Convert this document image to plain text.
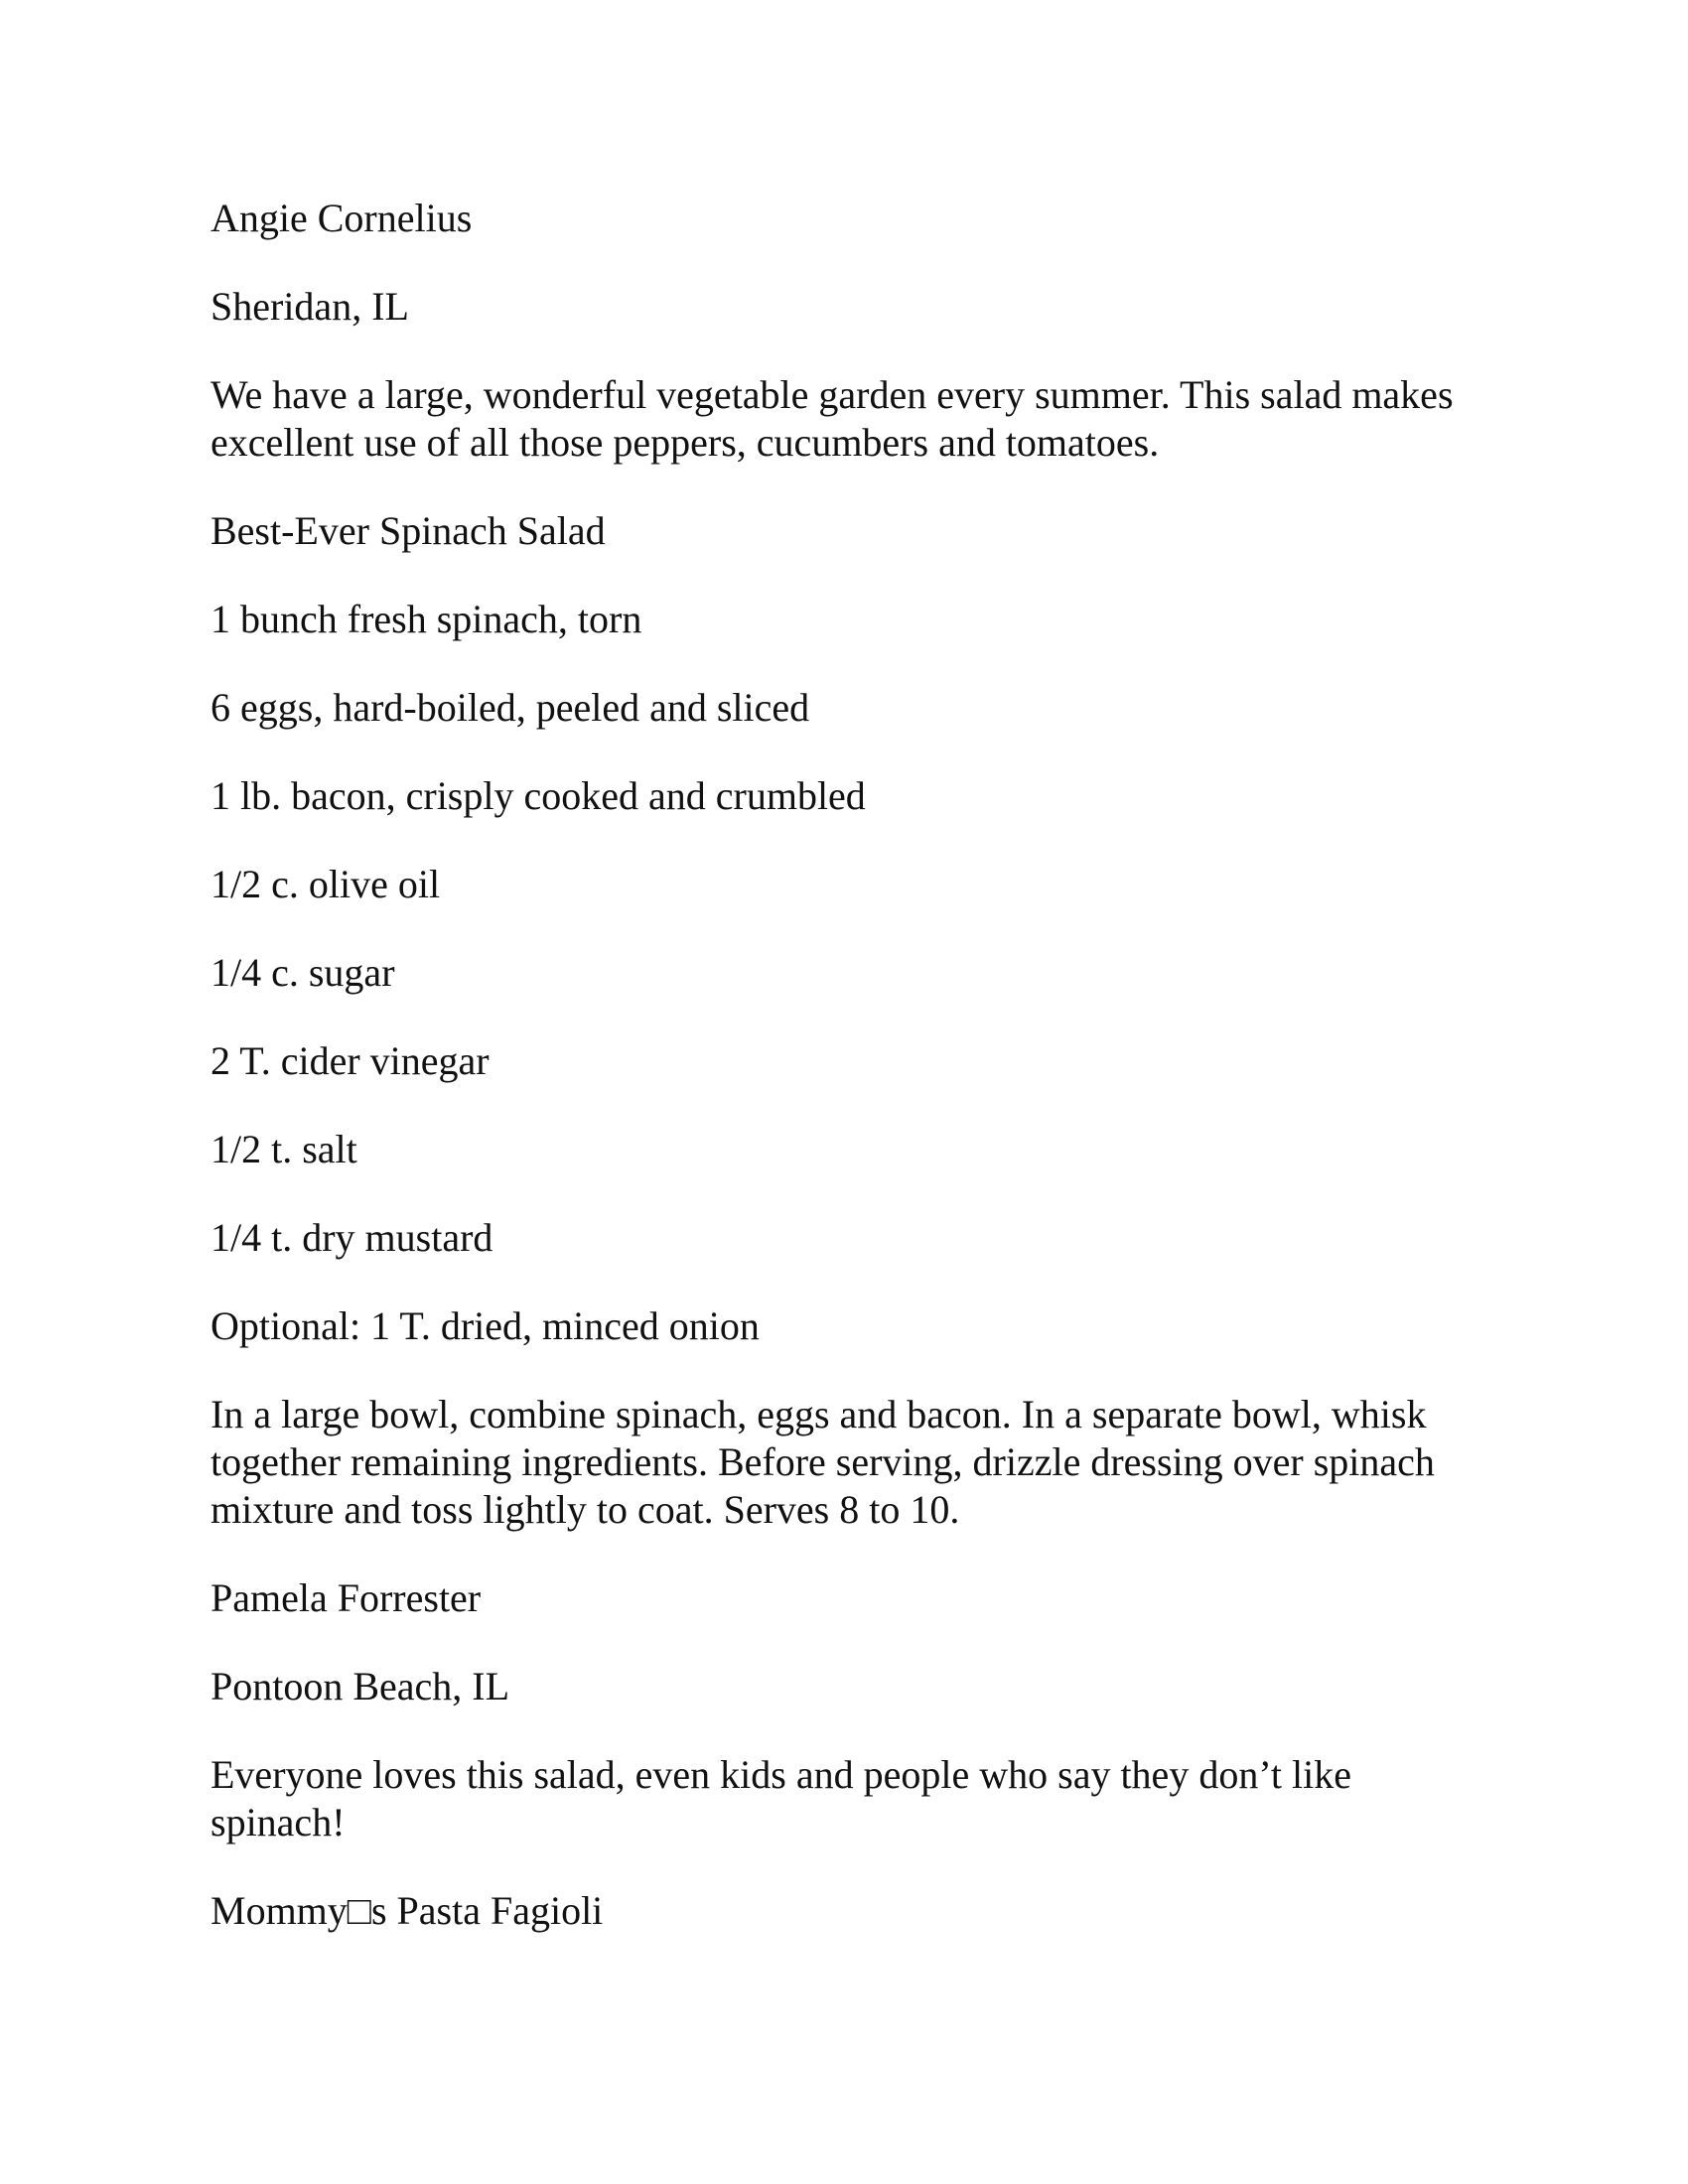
Angie Cornelius

Sheridan, IL

We have a large, wonderful vegetable garden every summer. This salad makes excellent use of all those peppers, cucumbers and tomatoes.

Best-Ever Spinach Salad

1 bunch fresh spinach, torn

6 eggs, hard-boiled, peeled and sliced

1 lb. bacon, crisply cooked and crumbled

1/2 c. olive oil

1/4 c. sugar

2 T. cider vinegar

1/2 t. salt

1/4 t. dry mustard

Optional: 1 T. dried, minced onion

In a large bowl, combine spinach, eggs and bacon. In a separate bowl, whisk together remaining ingredients. Before serving, drizzle dressing over spinach mixture and toss lightly to coat. Serves 8 to 10.

Pamela Forrester

Pontoon Beach, IL

Everyone loves this salad, even kids and people who say they don’t like spinach!

Mommy□s Pasta Fagioli
